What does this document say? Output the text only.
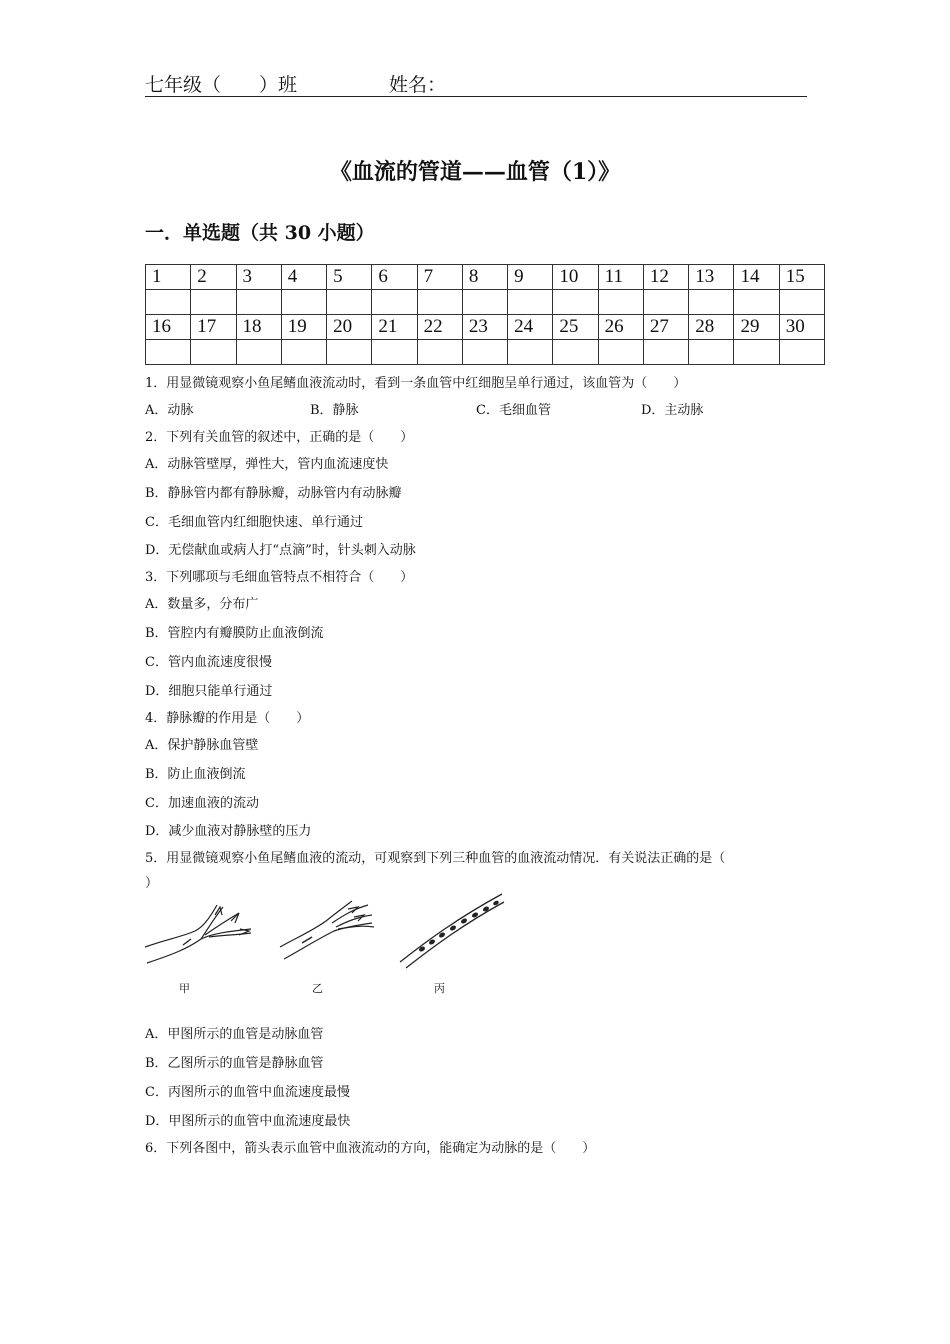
七年级（　　）班	姓名：
《血流的管道——血管（1）》
一．单选题（共 30 小题）
1	2	3	4	5	6	7	8	9	10	11	12	13	14	15

16	17	18	19	20	21	22	23	24	25	26	27	28	29	30

1．用显微镜观察小鱼尾鳍血液流动时，看到一条血管中红细胞呈单行通过，该血管为（　　）
A．动脉	B．静脉	C．毛细血管	D．主动脉
2．下列有关血管的叙述中，正确的是（　　）
A．动脉管壁厚，弹性大，管内血流速度快
B．静脉管内都有静脉瓣，动脉管内有动脉瓣
C．毛细血管内红细胞快速、单行通过
D．无偿献血或病人打“点滴”时，针头刺入动脉
3．下列哪项与毛细血管特点不相符合（　　）
A．数量多，分布广
B．管腔内有瓣膜防止血液倒流
C．管内血流速度很慢
D．细胞只能单行通过
4．静脉瓣的作用是（　　）
A．保护静脉血管壁
B．防止血液倒流
C．加速血液的流动
D．减少血液对静脉壁的压力
5．用显微镜观察小鱼尾鳍血液的流动，可观察到下列三种血管的血液流动情况．有关说法正确的是（
）
甲	乙	丙
A．甲图所示的血管是动脉血管
B．乙图所示的血管是静脉血管
C．丙图所示的血管中血流速度最慢
D．甲图所示的血管中血流速度最快
6．下列各图中，箭头表示血管中血液流动的方向，能确定为动脉的是（　　）
